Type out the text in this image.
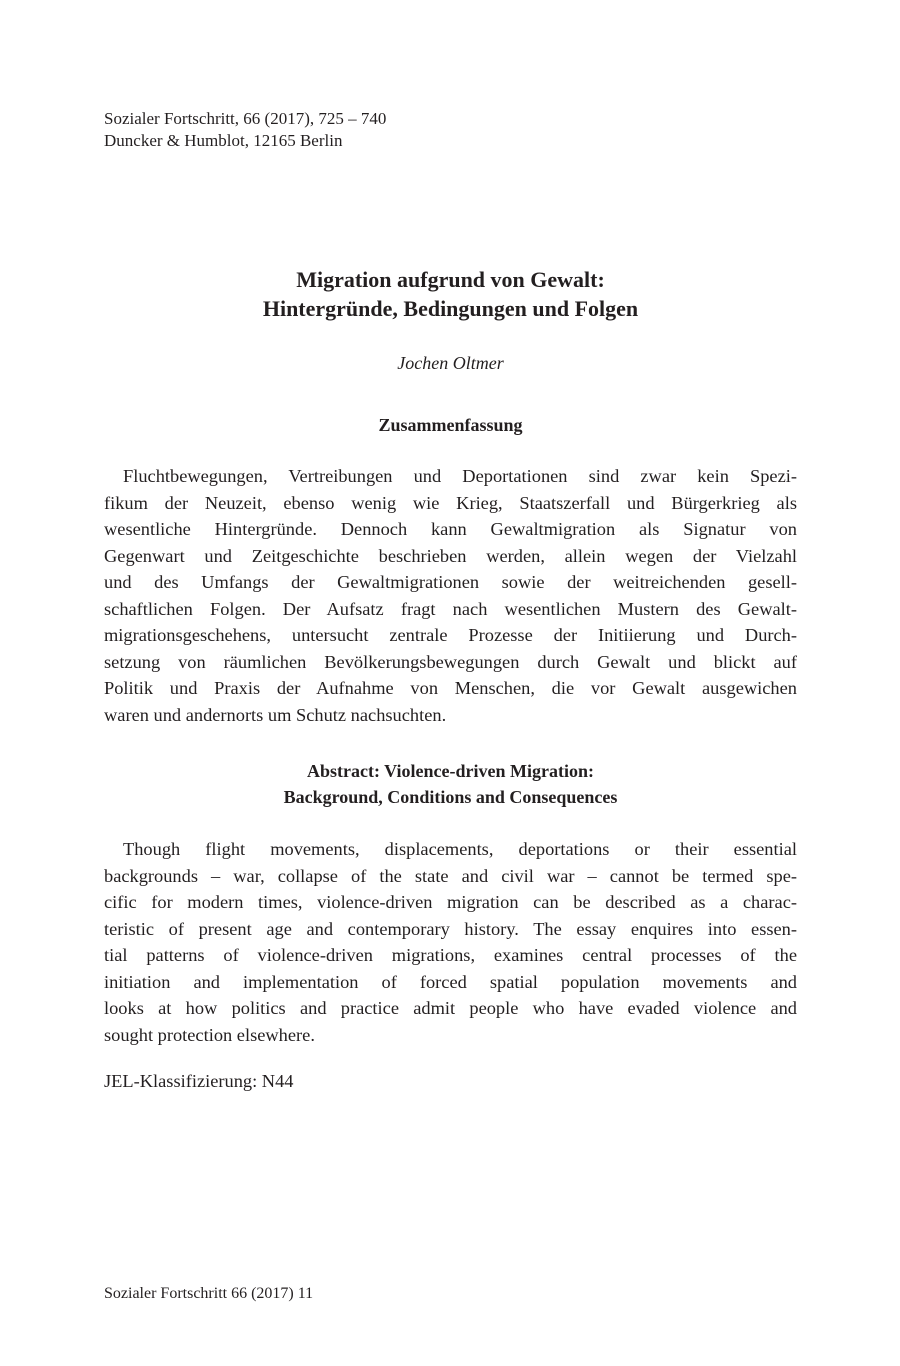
Sozialer Fortschritt, 66 (2017), 725 – 740
Duncker & Humblot, 12165 Berlin
Migration aufgrund von Gewalt:
Hintergründe, Bedingungen und Folgen
Jochen Oltmer
Zusammenfassung
Fluchtbewegungen, Vertreibungen und Deportationen sind zwar kein Spezi-
fikum der Neuzeit, ebenso wenig wie Krieg, Staatszerfall und Bürgerkrieg als
wesentliche Hintergründe. Dennoch kann Gewaltmigration als Signatur von
Gegenwart und Zeitgeschichte beschrieben werden, allein wegen der Vielzahl
und des Umfangs der Gewaltmigrationen sowie der weitreichenden gesell-
schaftlichen Folgen. Der Aufsatz fragt nach wesentlichen Mustern des Gewalt-
migrationsgeschehens, untersucht zentrale Prozesse der Initiierung und Durch-
setzung von räumlichen Bevölkerungsbewegungen durch Gewalt und blickt auf
Politik und Praxis der Aufnahme von Menschen, die vor Gewalt ausgewichen
waren und andernorts um Schutz nachsuchten.
Abstract: Violence-driven Migration:
Background, Conditions and Consequences
Though flight movements, displacements, deportations or their essential
backgrounds – war, collapse of the state and civil war – cannot be termed spe-
cific for modern times, violence-driven migration can be described as a charac-
teristic of present age and contemporary history. The essay enquires into essen-
tial patterns of violence-driven migrations, examines central processes of the
initiation and implementation of forced spatial population movements and
looks at how politics and practice admit people who have evaded violence and
sought protection elsewhere.
JEL-Klassifizierung: N44
Sozialer Fortschritt 66 (2017) 11
